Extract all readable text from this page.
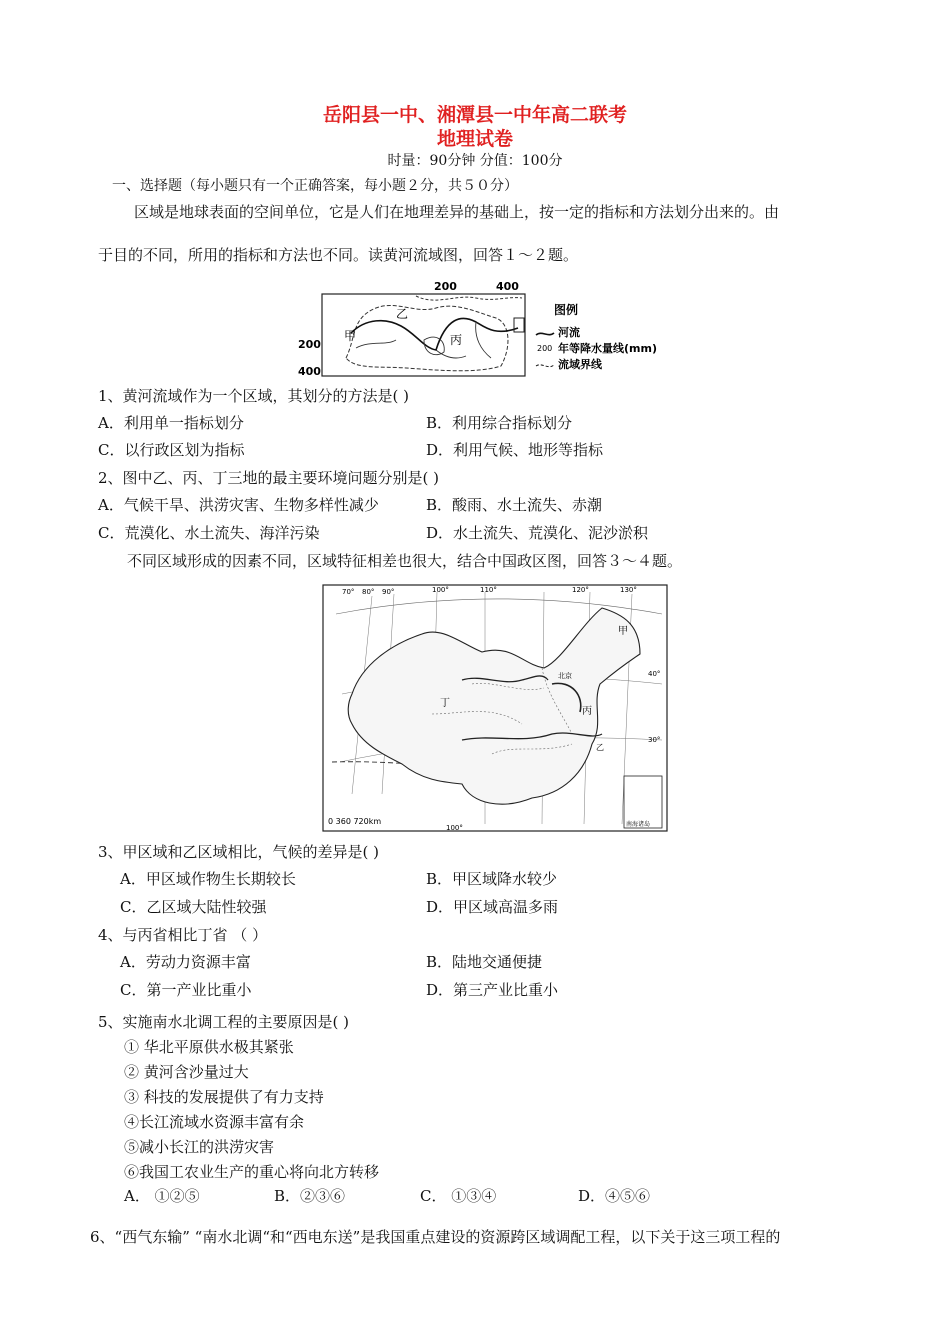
岳阳县一中、湘潭县一中年高二联考
地理试卷
时量：90分钟 分值：100分
一、选择题（每小题只有一个正确答案，每小题２分，共５０分）
区域是地球表面的空间单位，它是人们在地理差异的基础上，按一定的指标和方法划分出来的。由
于目的不同，所用的指标和方法也不同。读黄河流域图，回答１～２题。
200	400
200
400
乙
甲	丙
图例
河流
200 年等降水量线(mm)
流域界线
1、黄河流域作为一个区域，其划分的方法是( )
A．利用单一指标划分	B．利用综合指标划分
C．以行政区划为指标	D．利用气候、地形等指标
2、图中乙、丙、丁三地的最主要环境问题分别是( )
A．气候干旱、洪涝灾害、生物多样性减少	B．酸雨、水土流失、赤潮
C．荒漠化、水土流失、海洋污染	D．水土流失、荒漠化、泥沙淤积
不同区域形成的因素不同，区域特征相差也很大，结合中国政区图，回答３～４题。
70° 80° 90°	100°	110°	120°	130°
40°
30°
100°
甲
丁
丙
北京
乙
0 360 720km	南海诸岛
3、甲区域和乙区域相比，气候的差异是( )
A．甲区域作物生长期较长	B．甲区域降水较少
C．乙区域大陆性较强	D．甲区域高温多雨
4、与丙省相比丁省 （ ）
A．劳动力资源丰富	B．陆地交通便捷
C．第一产业比重小	D．第三产业比重小
5、实施南水北调工程的主要原因是( )
① 华北平原供水极其紧张
② 黄河含沙量过大
③ 科技的发展提供了有力支持
④长江流域水资源丰富有余
⑤减小长江的洪涝灾害
⑥我国工农业生产的重心将向北方转移
A． ①②⑤	B．②③⑥	C． ①③④	D．④⑤⑥
6、“西气东输” “南水北调“和“西电东送”是我国重点建设的资源跨区域调配工程，以下关于这三项工程的
